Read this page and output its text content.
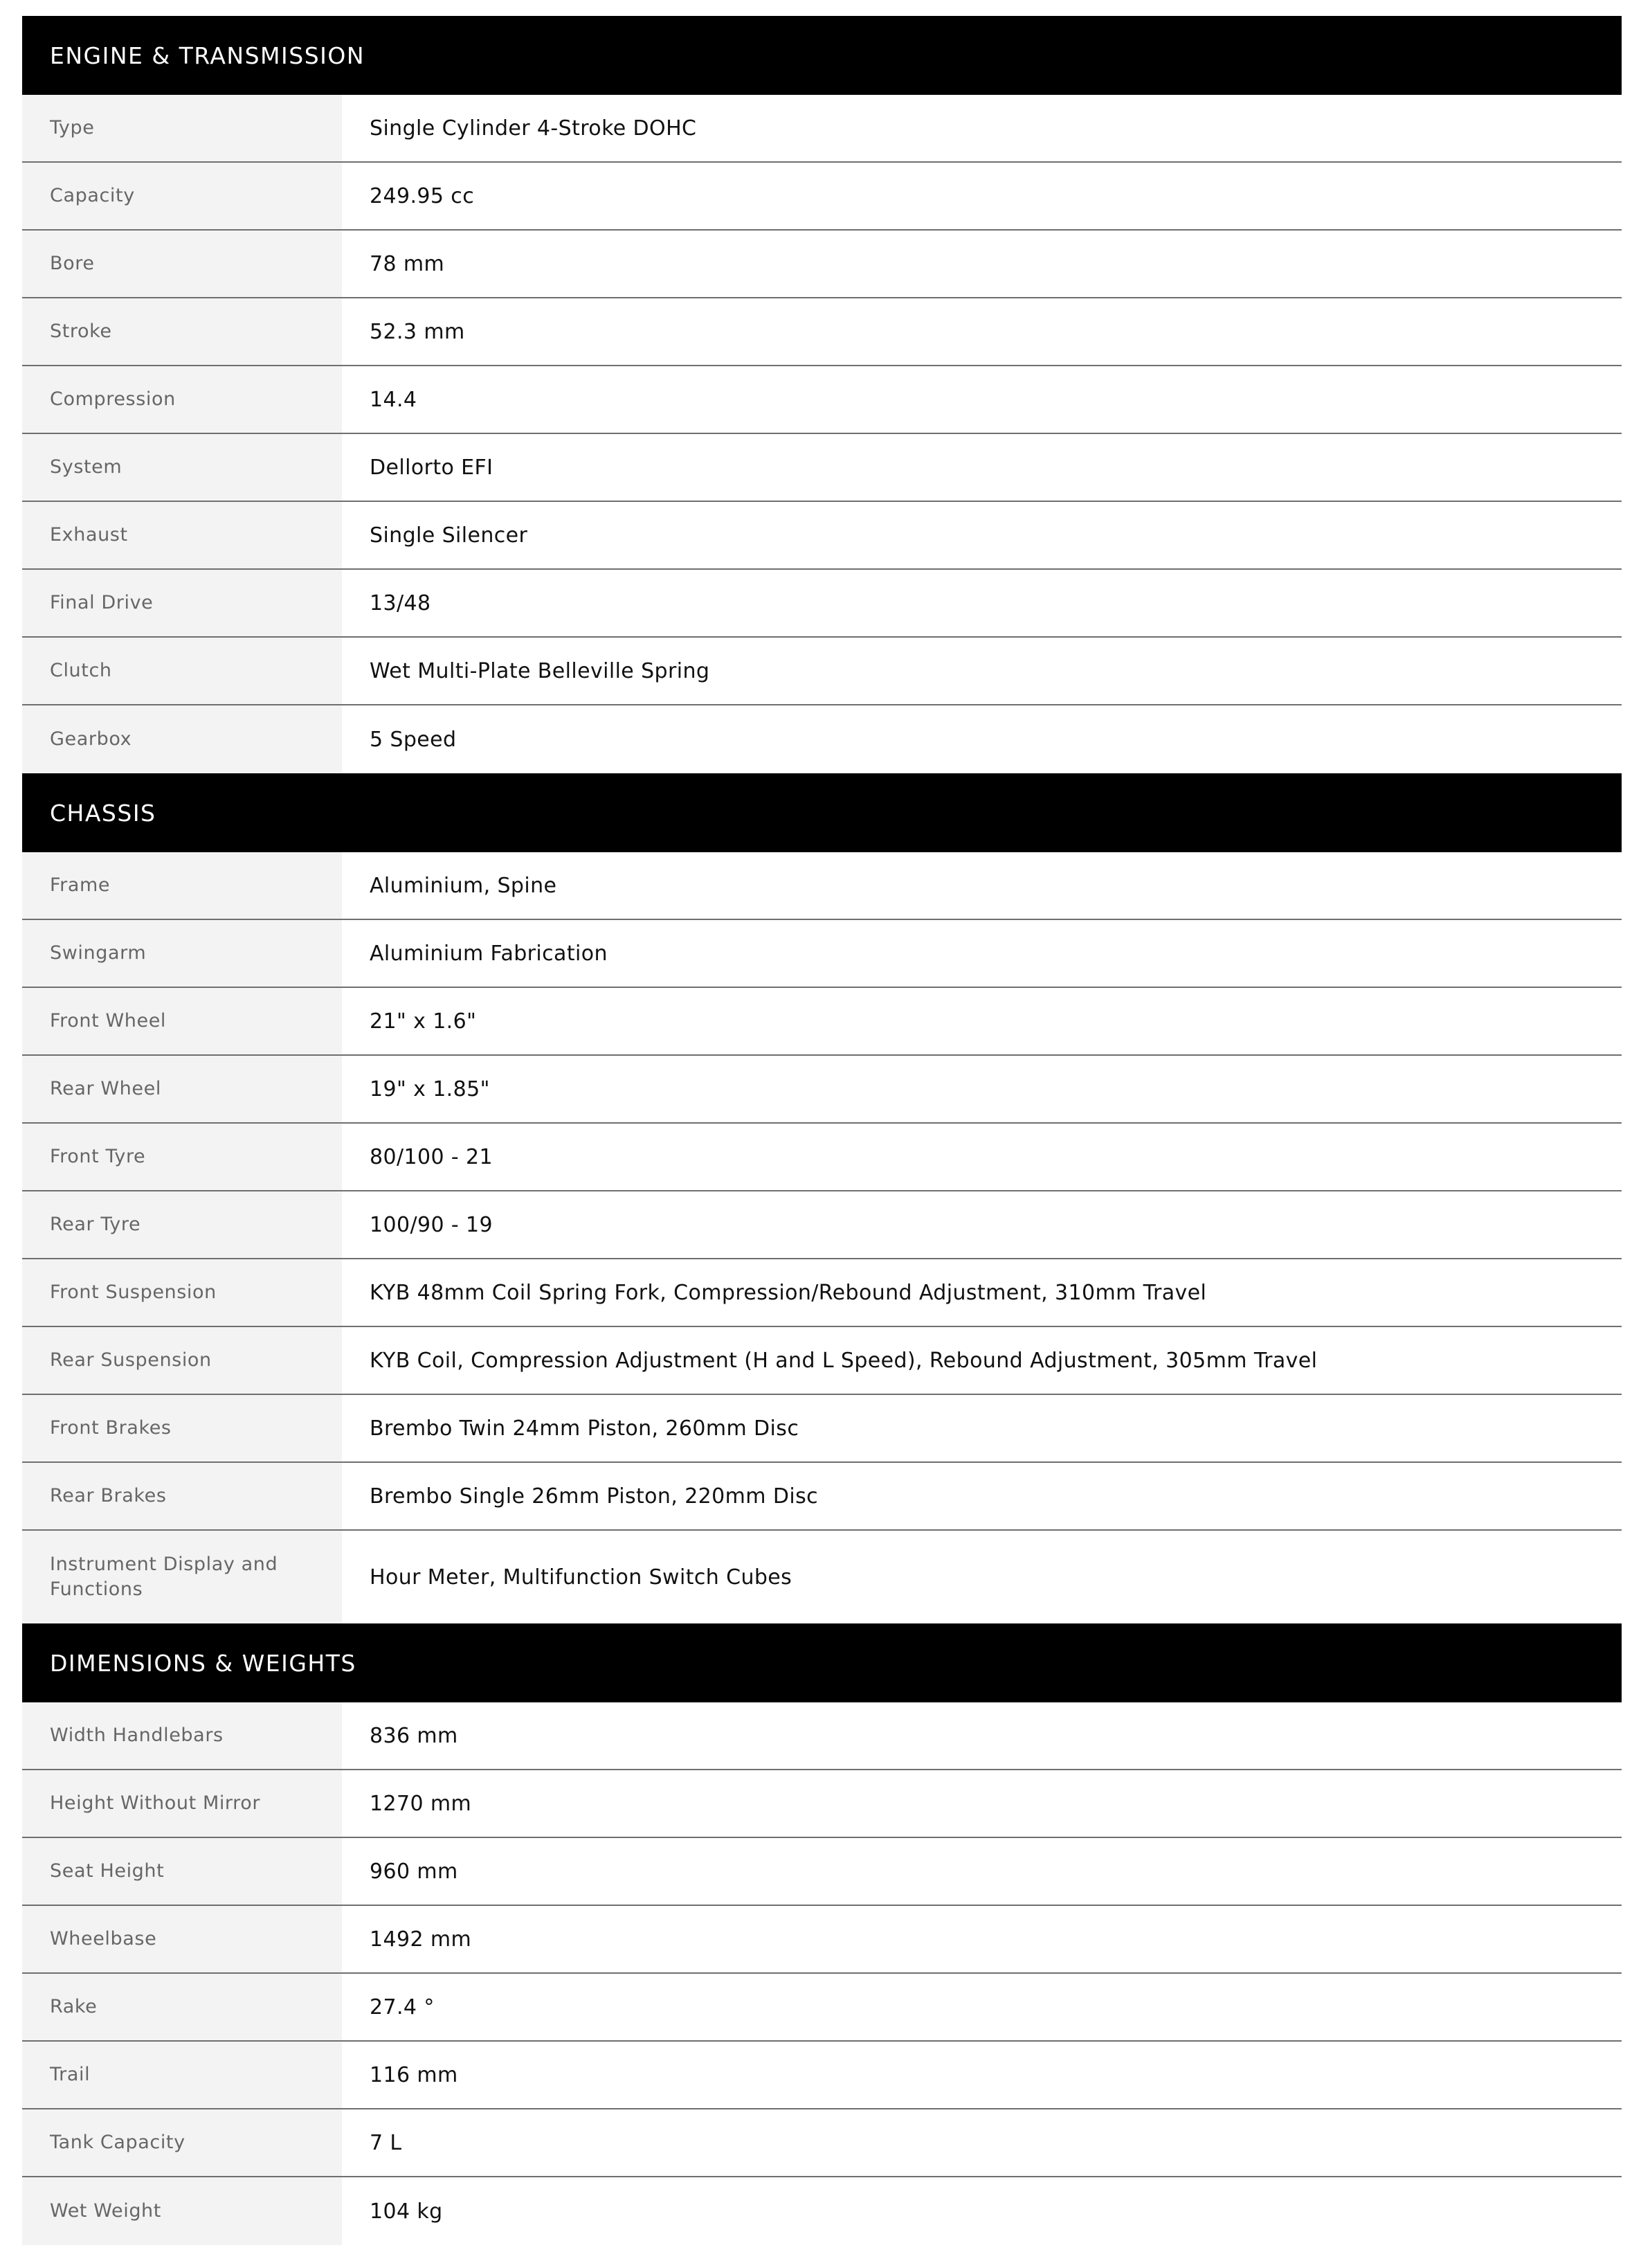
ENGINE & TRANSMISSION
Type	Single Cylinder 4-Stroke DOHC
Capacity	249.95 cc
Bore	78 mm
Stroke	52.3 mm
Compression	14.4
System	Dellorto EFI
Exhaust	Single Silencer
Final Drive	13/48
Clutch	Wet Multi-Plate Belleville Spring
Gearbox	5 Speed
CHASSIS
Frame	Aluminium, Spine
Swingarm	Aluminium Fabrication
Front Wheel	21" x 1.6"
Rear Wheel	19" x 1.85"
Front Tyre	80/100 - 21
Rear Tyre	100/90 - 19
Front Suspension	KYB 48mm Coil Spring Fork, Compression/Rebound Adjustment, 310mm Travel
Rear Suspension	KYB Coil, Compression Adjustment (H and L Speed), Rebound Adjustment, 305mm Travel
Front Brakes	Brembo Twin 24mm Piston, 260mm Disc
Rear Brakes	Brembo Single 26mm Piston, 220mm Disc
Instrument Display and Functions	Hour Meter, Multifunction Switch Cubes
DIMENSIONS & WEIGHTS
Width Handlebars	836 mm
Height Without Mirror	1270 mm
Seat Height	960 mm
Wheelbase	1492 mm
Rake	27.4 °
Trail	116 mm
Tank Capacity	7 L
Wet Weight	104 kg
